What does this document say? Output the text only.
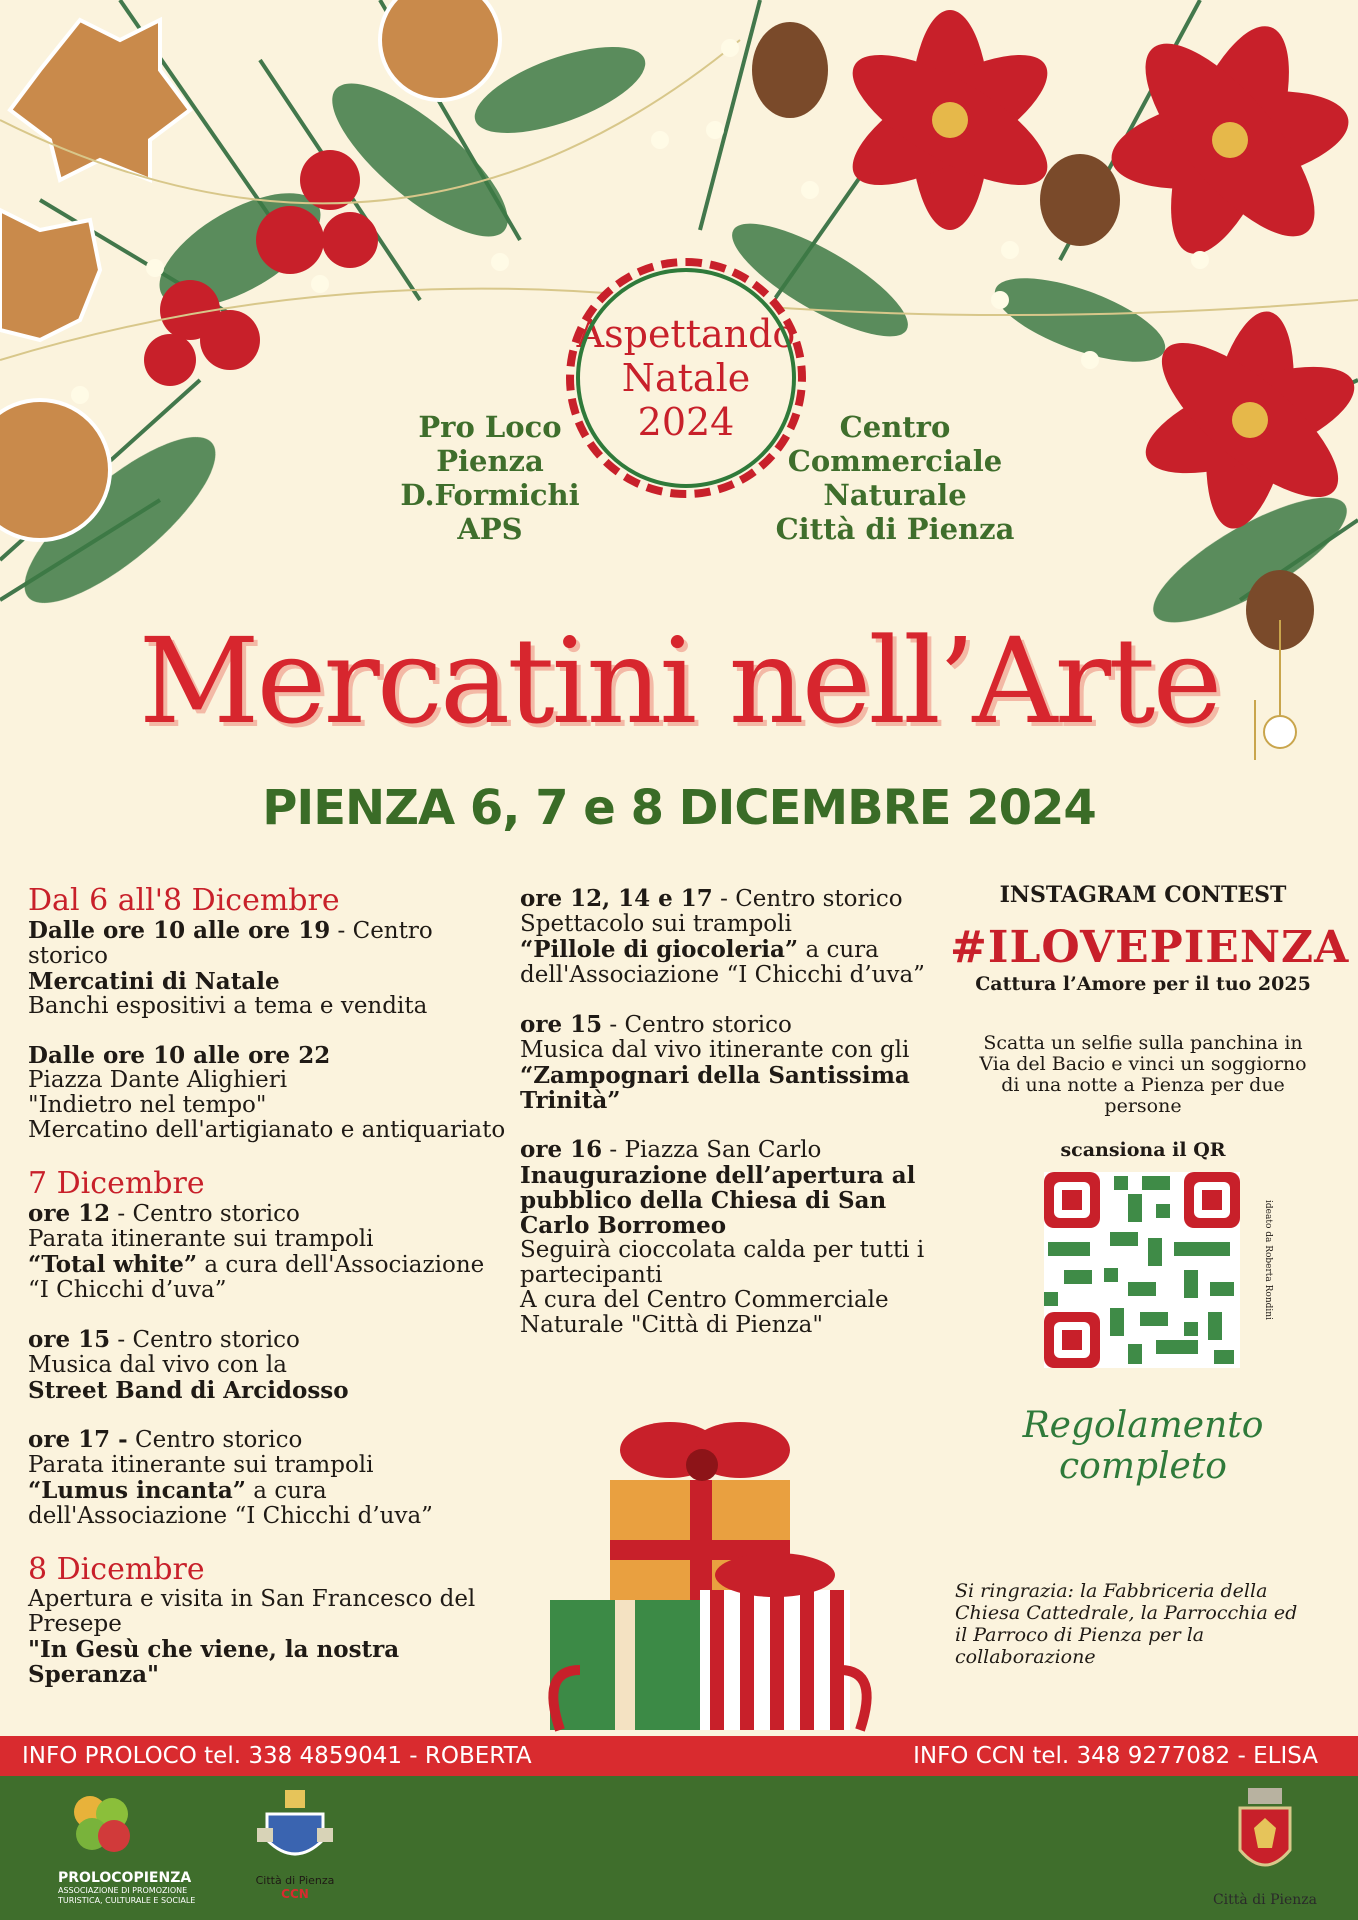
Pro Loco
Pienza
D.Formichi
APS
Aspettando
Natale
2024	Centro
Commerciale
Naturale
Città di Pienza
Mercatini nell’Arte
PIENZA 6, 7 e 8 DICEMBRE 2024

Dal 6 all'8 Dicembre

Dalle ore 10 alle ore 19 - Centro storico

Mercatini di Natale

Banchi espositivi a tema e vendita

Dalle ore 10 alle ore 22

Piazza Dante Alighieri

"Indietro nel tempo"

Mercatino dell'artigianato e antiquariato

7 Dicembre

ore 12 - Centro storico

Parata itinerante sui trampoli

“Total white” a cura dell'Associazione

“I Chicchi d’uva”

ore 15 - Centro storico

Musica dal vivo con la

Street Band di Arcidosso

ore 17 - Centro storico

Parata itinerante sui trampoli

“Lumus incanta” a cura

dell'Associazione “I Chicchi d’uva”

8 Dicembre

Apertura e visita in San Francesco del Presepe

"In Gesù che viene, la nostra Speranza"

ore 12, 14 e 17 - Centro storico

Spettacolo sui trampoli

“Pillole di giocoleria” a cura

dell'Associazione “I Chicchi d’uva”

ore 15 - Centro storico

Musica dal vivo itinerante con gli

“Zampognari della Santissima Trinità”

ore 16 - Piazza San Carlo

Inaugurazione dell’apertura al pubblico della Chiesa di San Carlo Borromeo

Seguirà cioccolata calda per tutti i partecipanti

A cura del Centro Commerciale Naturale "Città di Pienza"

INSTAGRAM CONTEST

#ILOVEPIENZA

Cattura l’Amore per il tuo 2025

Scatta un selfie sulla panchina in Via del Bacio e vinci un soggiorno di una notte a Pienza per due persone

scansiona il QR

Regolamento completo
Si ringrazia: la Fabbriceria della Chiesa Cattedrale, la Parrocchia ed il Parroco di Pienza per la collaborazione
ideato da Roberta Rondini
INFO PROLOCO tel. 338 4859041 - ROBERTA	INFO CCN tel. 348 9277082 - ELISA
PROLOCOPIENZA
ASSOCIAZIONE DI PROMOZIONE
TURISTICA, CULTURALE E SOCIALE
Città di Pienza
CCN	Città di Pienza
